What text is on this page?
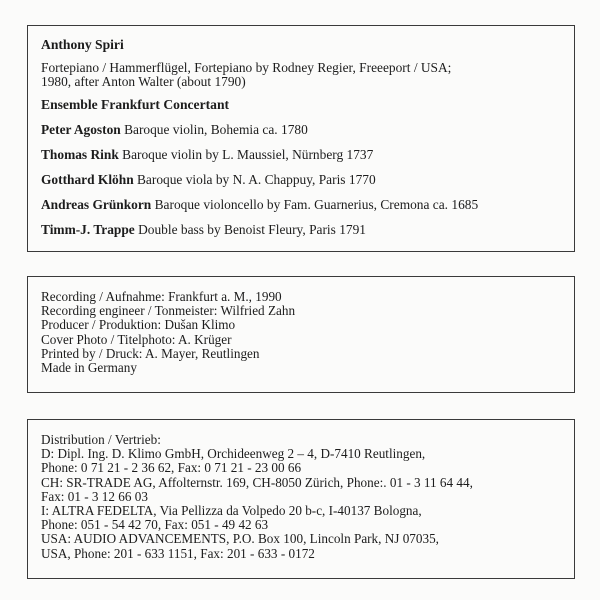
Anthony Spiri
Fortepiano / Hammerflügel, Fortepiano by Rodney Regier, Freeeport / USA;
1980, after Anton Walter (about 1790)
Ensemble Frankfurt Concertant
Peter Agoston Baroque violin, Bohemia ca. 1780
Thomas Rink Baroque violin by L. Maussiel, Nürnberg 1737
Gotthard Klöhn Baroque viola by N. A. Chappuy, Paris 1770
Andreas Grünkorn Baroque violoncello by Fam. Guarnerius, Cremona ca. 1685
Timm-J. Trappe Double bass by Benoist Fleury, Paris 1791
Recording / Aufnahme: Frankfurt a. M., 1990
Recording engineer / Tonmeister: Wilfried Zahn
Producer / Produktion: Dušan Klimo
Cover Photo / Titelphoto: A. Krüger
Printed by / Druck: A. Mayer, Reutlingen
Made in Germany
Distribution / Vertrieb:
D: Dipl. Ing. D. Klimo GmbH, Orchideenweg 2 – 4, D-7410 Reutlingen,
Phone: 0 71 21 - 2 36 62, Fax: 0 71 21 - 23 00 66
CH: SR-TRADE AG, Affolternstr. 169, CH-8050 Zürich, Phone:. 01 - 3 11 64 44,
Fax: 01 - 3 12 66 03
I: ALTRA FEDELTA, Via Pellizza da Volpedo 20 b-c, I-40137 Bologna,
Phone: 051 - 54 42 70, Fax: 051 - 49 42 63
USA: AUDIO ADVANCEMENTS, P.O. Box 100, Lincoln Park, NJ 07035,
USA, Phone: 201 - 633 1151, Fax: 201 - 633 - 0172
